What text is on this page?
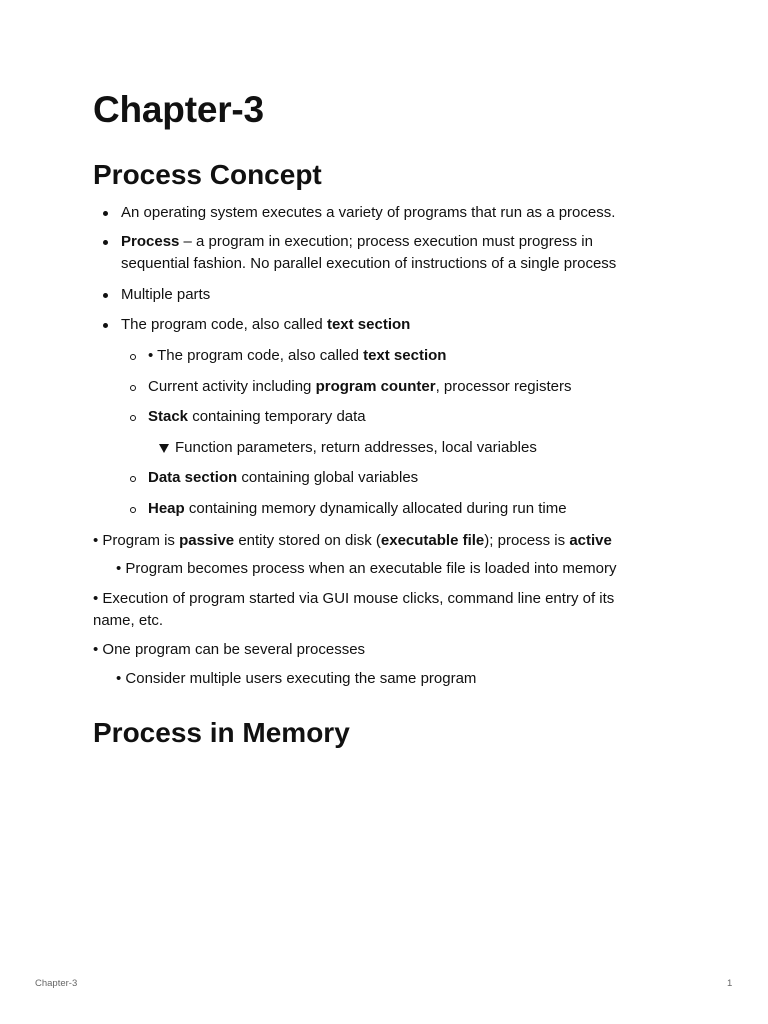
Chapter-3
Process Concept
An operating system executes a variety of programs that run as a process.
Process – a program in execution; process execution must progress in
sequential fashion. No parallel execution of instructions of a single process
Multiple parts
The program code, also called text section
• The program code, also called text section
Current activity including program counter, processor registers
Stack containing temporary data
Function parameters, return addresses, local variables
Data section containing global variables
Heap containing memory dynamically allocated during run time
• Program is passive entity stored on disk (executable file); process is active
• Program becomes process when an executable file is loaded into memory
• Execution of program started via GUI mouse clicks, command line entry of its
name, etc.
• One program can be several processes
• Consider multiple users executing the same program
Process in Memory
Chapter-3	1
